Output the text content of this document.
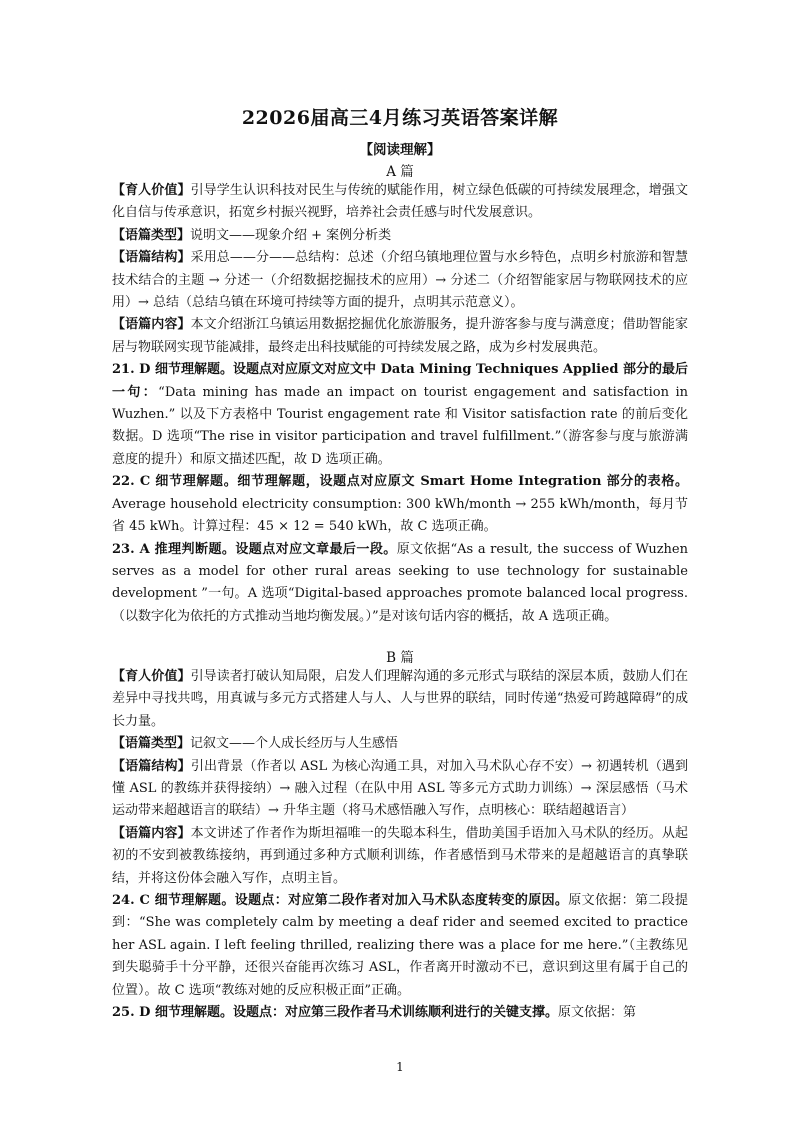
22026届高三4月练习英语答案详解
【阅读理解】
A 篇

【育人价值】引导学生认识科技对民生与传统的赋能作用，树立绿色低碳的可持续发展理念，增强文化自信与传承意识，拓宽乡村振兴视野，培养社会责任感与时代发展意识。

【语篇类型】说明文——现象介绍 + 案例分析类

【语篇结构】采用总——分——总结构：总述（介绍乌镇地理位置与水乡特色，点明乡村旅游和智慧技术结合的主题 → 分述一（介绍数据挖掘技术的应用）→ 分述二（介绍智能家居与物联网技术的应用）→ 总结（总结乌镇在环境可持续等方面的提升，点明其示范意义）。

【语篇内容】本文介绍浙江乌镇运用数据挖掘优化旅游服务，提升游客参与度与满意度；借助智能家居与物联网实现节能减排，最终走出科技赋能的可持续发展之路，成为乡村发展典范。

21. D 细节理解题。设题点对应原文对应文中 Data Mining Techniques Applied 部分的最后一句：“Data mining has made an impact on tourist engagement and satisfaction in Wuzhen.” 以及下方表格中 Tourist engagement rate 和 Visitor satisfaction rate 的前后变化数据。D 选项“The rise in visitor participation and travel fulfillment.”（游客参与度与旅游满意度的提升）和原文描述匹配，故 D 选项正确。

22. C 细节理解题。细节理解题，设题点对应原文 Smart Home Integration 部分的表格。Average household electricity consumption: 300 kWh/month → 255 kWh/month，每月节省 45 kWh。计算过程：45 × 12 = 540 kWh，故 C 选项正确。

23. A 推理判断题。设题点对应文章最后一段。原文依据“As a result, the success of Wuzhen serves as a model for other rural areas seeking to use technology for sustainable development ”一句。A 选项“Digital-based approaches promote balanced local progress.（以数字化为依托的方式推动当地均衡发展。）”是对该句话内容的概括，故 A 选项正确。

B 篇

【育人价值】引导读者打破认知局限，启发人们理解沟通的多元形式与联结的深层本质，鼓励人们在差异中寻找共鸣，用真诚与多元方式搭建人与人、人与世界的联结，同时传递“热爱可跨越障碍”的成长力量。

【语篇类型】记叙文——个人成长经历与人生感悟

【语篇结构】引出背景（作者以 ASL 为核心沟通工具，对加入马术队心存不安）→ 初遇转机（遇到懂 ASL 的教练并获得接纳）→ 融入过程（在队中用 ASL 等多元方式助力训练）→ 深层感悟（马术运动带来超越语言的联结）→ 升华主题（将马术感悟融入写作，点明核心：联结超越语言）

【语篇内容】本文讲述了作者作为斯坦福唯一的失聪本科生，借助美国手语加入马术队的经历。从起初的不安到被教练接纳，再到通过多种方式顺利训练，作者感悟到马术带来的是超越语言的真挚联结，并将这份体会融入写作，点明主旨。

24. C 细节理解题。设题点：对应第二段作者对加入马术队态度转变的原因。原文依据：第二段提到：“She was completely calm by meeting a deaf rider and seemed excited to practice her ASL again. I left feeling thrilled, realizing there was a place for me here.”（主教练见到失聪骑手十分平静，还很兴奋能再次练习 ASL，作者离开时激动不已，意识到这里有属于自己的位置）。故 C 选项“教练对她的反应积极正面”正确。

25. D 细节理解题。设题点：对应第三段作者马术训练顺利进行的关键支撑。原文依据：第

1
